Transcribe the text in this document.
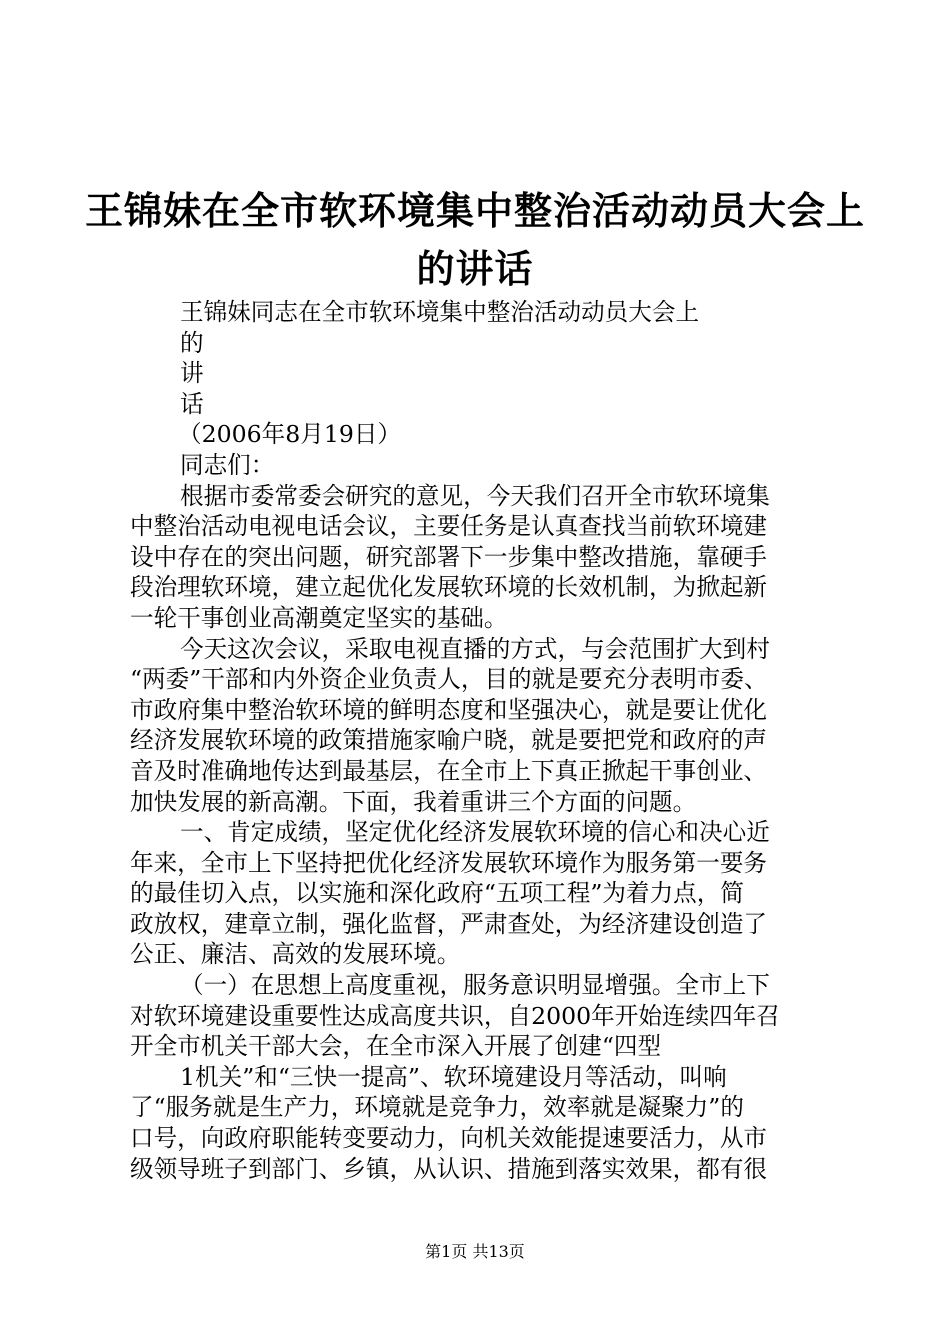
王锦妹在全市软环境集中整治活动动员大会上
的讲话
王锦妹同志在全市软环境集中整治活动动员大会上
的
讲
话
（2006年8月19日）
同志们：
根据市委常委会研究的意见，今天我们召开全市软环境集
中整治活动电视电话会议，主要任务是认真查找当前软环境建
设中存在的突出问题，研究部署下一步集中整改措施，靠硬手
段治理软环境，建立起优化发展软环境的长效机制，为掀起新
一轮干事创业高潮奠定坚实的基础。
今天这次会议，采取电视直播的方式，与会范围扩大到村
“两委”干部和内外资企业负责人，目的就是要充分表明市委、
市政府集中整治软环境的鲜明态度和坚强决心，就是要让优化
经济发展软环境的政策措施家喻户晓，就是要把党和政府的声
音及时准确地传达到最基层，在全市上下真正掀起干事创业、
加快发展的新高潮。下面，我着重讲三个方面的问题。
一、肯定成绩，坚定优化经济发展软环境的信心和决心近
年来，全市上下坚持把优化经济发展软环境作为服务第一要务
的最佳切入点，以实施和深化政府“五项工程”为着力点，简
政放权，建章立制，强化监督，严肃查处，为经济建设创造了
公正、廉洁、高效的发展环境。
（一）在思想上高度重视，服务意识明显增强。全市上下
对软环境建设重要性达成高度共识，自2000年开始连续四年召
开全市机关干部大会，在全市深入开展了创建“四型
1机关”和“三快一提高”、软环境建设月等活动，叫响
了“服务就是生产力，环境就是竞争力，效率就是凝聚力”的
口号，向政府职能转变要动力，向机关效能提速要活力，从市
级领导班子到部门、乡镇，从认识、措施到落实效果，都有很
第1页 共13页
